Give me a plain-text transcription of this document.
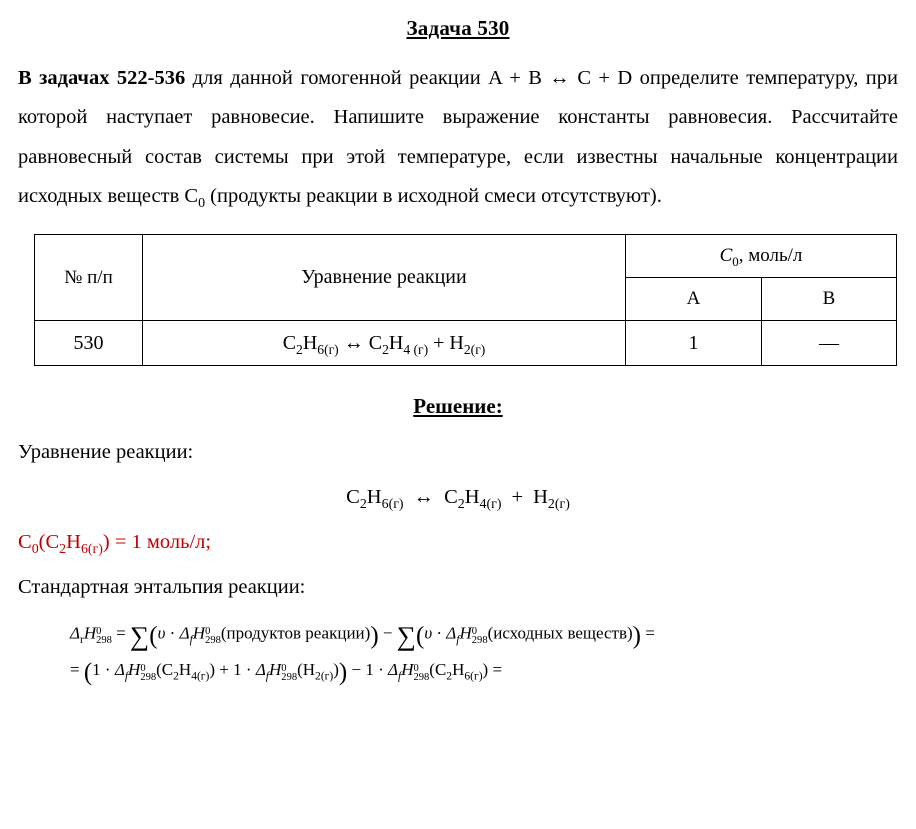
Задача 530

В задачах 522-536 для данной гомогенной реакции A + B ↔ C + D определите температуру, при которой наступает равновесие. Напишите выражение константы равновесия. Рассчитайте равновесный состав системы при этой температуре, если известны начальные концентрации исходных веществ $C_0$ (продукты реакции в исходной смеси отсутствуют).

№ п/п	Уравнение реакции	$C_0$, моль/л	
		A	B
530	$C_2H_{6(г)}$ ↔ $C_2H_{4 (г)} + H_{2(г)}$	1	—
Решение:
Уравнение реакции:
$C_2H_{6(г)}$ ↔ $C_2H_{4(г)} + H_{2(г)}$
$C_0(C_2H_{6(г)}) = 1$ моль/л;
Стандартная энтальпия реакции:
$\Delta_rH$ 0
$298 = \sum(\upsilon \cdot \Delta_fH$ 0
298 (продуктов реакции)) − $\sum(\upsilon \cdot \Delta_fH$ 0
298 (исходных веществ)) =
= ($1 \cdot \Delta_fH$ 0
298 $(C_2H_{4(г)}) + 1 \cdot \Delta_fH$ 0
298 $(H_{2(г)})) - 1 \cdot \Delta_fH$ 0
298 $(C_2H_{6(г)})$ =
